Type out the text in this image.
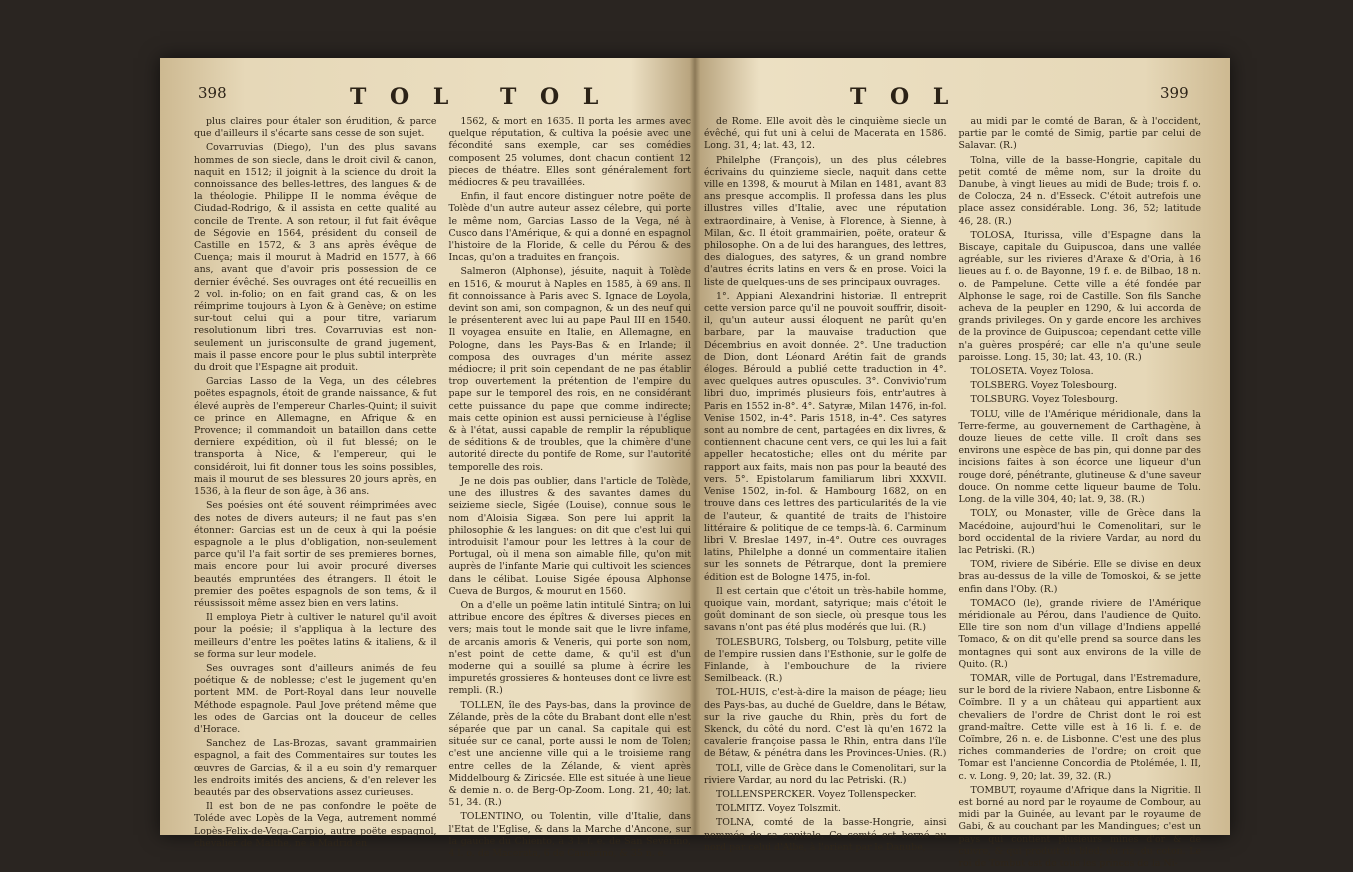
398	T O L T O L

plus claires pour étaler son érudition, & parce que d'ailleurs il s'écarte sans cesse de son sujet.

Covarruvias (Diego), l'un des plus savans hommes de son siecle, dans le droit civil & canon, naquit en 1512; il joignit à la science du droit la connoissance des belles-lettres, des langues & de la théologie. Philippe II le nomma évêque de Ciudad-Rodrigo, & il assista en cette qualité au concile de Trente. A son retour, il fut fait évêque de Ségovie en 1564, président du conseil de Castille en 1572, & 3 ans après évêque de Cuença; mais il mourut à Madrid en 1577, à 66 ans, avant que d'avoir pris possession de ce dernier évêché. Ses ouvrages ont été recueillis en 2 vol. in-folio; on en fait grand cas, & on les réimprime toujours à Lyon & à Genève; on estime sur-tout celui qui a pour titre, variarum resolutionum libri tres. Covarruvias est non-seulement un jurisconsulte de grand jugement, mais il passe encore pour le plus subtil interprète du droit que l'Espagne ait produit.

Garcias Lasso de la Vega, un des célebres poëtes espagnols, étoit de grande naissance, & fut élevé auprès de l'empereur Charles-Quint; il suivit ce prince en Allemagne, en Afrique & en Provence; il commandoit un bataillon dans cette derniere expédition, où il fut blessé; on le transporta à Nice, & l'empereur, qui le considéroit, lui fit donner tous les soins possibles, mais il mourut de ses blessures 20 jours après, en 1536, à la fleur de son âge, à 36 ans.

Ses poésies ont été souvent réimprimées avec des notes de divers auteurs; il ne faut pas s'en étonner: Garcias est un de ceux à qui la poésie espagnole a le plus d'obligation, non-seulement parce qu'il l'a fait sortir de ses premieres bornes, mais encore pour lui avoir procuré diverses beautés empruntées des étrangers. Il étoit le premier des poëtes espagnols de son tems, & il réussissoit même assez bien en vers latins.

Il employa Pietr à cultiver le naturel qu'il avoit pour la poésie; il s'appliqua à la lecture des meilleurs d'entre les poëtes latins & italiens, & il se forma sur leur modele.

Ses ouvrages sont d'ailleurs animés de feu poétique & de noblesse; c'est le jugement qu'en portent MM. de Port-Royal dans leur nouvelle Méthode espagnole. Paul Jove prétend même que les odes de Garcias ont la douceur de celles d'Horace.

Sanchez de Las-Brozas, savant grammairien espagnol, a fait des Commentaires sur toutes les œuvres de Garcias, & il a eu soin d'y remarquer les endroits imités des anciens, & d'en relever les beautés par des observations assez curieuses.

Il est bon de ne pas confondre le poëte de Toléde avec Lopès de la Vega, autrement nommé Lopès-Felix-de-Vega-Carpio, autre poëte espagnol, chevalier de Malthe, né à Madrid en

1562, & mort en 1635. Il porta les armes avec quelque réputation, & cultiva la poésie avec une fécondité sans exemple, car ses comédies composent 25 volumes, dont chacun contient 12 pieces de théatre. Elles sont généralement fort médiocres & peu travaillées.

Enfin, il faut encore distinguer notre poëte de Tolède d'un autre auteur assez célebre, qui porte le même nom, Garcias Lasso de la Vega, né à Cusco dans l'Amérique, & qui a donné en espagnol l'histoire de la Floride, & celle du Pérou & des Incas, qu'on a traduites en françois.

Salmeron (Alphonse), jésuite, naquit à Tolède en 1516, & mourut à Naples en 1585, à 69 ans. Il fit connoissance à Paris avec S. Ignace de Loyola, devint son ami, son compagnon, & un des neuf qui le présenterent avec lui au pape Paul III en 1540. Il voyagea ensuite en Italie, en Allemagne, en Pologne, dans les Pays-Bas & en Irlande; il composa des ouvrages d'un mérite assez médiocre; il prit soin cependant de ne pas établir trop ouvertement la prétention de l'empire du pape sur le temporel des rois, en ne considérant cette puissance du pape que comme indirecte; mais cette opinion est aussi pernicieuse à l'église & à l'état, aussi capable de remplir la république de séditions & de troubles, que la chimère d'une autorité directe du pontife de Rome, sur l'autorité temporelle des rois.

Je ne dois pas oublier, dans l'article de Tolède, une des illustres & des savantes dames du seizieme siecle, Sigée (Louise), connue sous le nom d'Aloisia Sigæa. Son pere lui apprit la philosophie & les langues: on dit que c'est lui qui introduisit l'amour pour les lettres à la cour de Portugal, où il mena son aimable fille, qu'on mit auprès de l'infante Marie qui cultivoit les sciences dans le célibat. Louise Sigée épousa Alphonse Cueva de Burgos, & mourut en 1560.

On a d'elle un poëme latin intitulé Sintra; on lui attribue encore des épîtres & diverses pieces en vers; mais tout le monde sait que le livre infame, de arcanis amoris & Veneris, qui porte son nom, n'est point de cette dame, & qu'il est d'un moderne qui a souillé sa plume à écrire les impuretés grossieres & honteuses dont ce livre est rempli. (R.)

TOLLEN, île des Pays-bas, dans la province de Zélande, près de la côte du Brabant dont elle n'est séparée que par un canal. Sa capitale qui est située sur ce canal, porte aussi le nom de Tolen; c'est une ancienne ville qui a le troisieme rang entre celles de la Zélande, & vient après Middelbourg & Ziricsée. Elle est située à une lieue & demie n. o. de Berg-Op-Zoom. Long. 21, 40; lat. 51, 34. (R.)

TOLENTINO, ou Tolentin, ville d'Italie, dans l'Etat de l'Eglise, & dans la Marche d'Ancone, sur la gauche du Chiento, à 3 l. f. e. de San Sevérino, 4 l. o. de Macerata, 6 de Camérino, & 35 n. e.

T O L	399

de Rome. Elle avoit dès le cinquième siecle un évêché, qui fut uni à celui de Macerata en 1586. Long. 31, 4; lat. 43, 12.

Philelphe (François), un des plus célebres écrivains du quinzieme siecle, naquit dans cette ville en 1398, & mourut à Milan en 1481, avant 83 ans presque accomplis. Il professa dans les plus illustres villes d'Italie, avec une réputation extraordinaire, à Venise, à Florence, à Sienne, à Milan, &c. Il étoit grammairien, poëte, orateur & philosophe. On a de lui des harangues, des lettres, des dialogues, des satyres, & un grand nombre d'autres écrits latins en vers & en prose. Voici la liste de quelques-uns de ses principaux ouvrages.

1°. Appiani Alexandrini historiæ. Il entreprit cette version parce qu'il ne pouvoit souffrir, disoit-il, qu'un auteur aussi éloquent ne parût qu'en barbare, par la mauvaise traduction que Décembrius en avoit donnée. 2°. Une traduction de Dion, dont Léonard Arétin fait de grands éloges. Bérould a publié cette traduction in 4°. avec quelques autres opuscules. 3°. Convivio'rum libri duo, imprimés plusieurs fois, entr'autres à Paris en 1552 in-8°. 4°. Satyræ, Milan 1476, in-fol. Venise 1502, in-4°. Paris 1518, in-4°. Ces satyres sont au nombre de cent, partagées en dix livres, & contiennent chacune cent vers, ce qui les lui a fait appeller hecatostiche; elles ont du mérite par rapport aux faits, mais non pas pour la beauté des vers. 5°. Epistolarum familiarum libri XXXVII. Venise 1502, in-fol. & Hambourg 1682, on en trouve dans ces lettres des particularités de la vie de l'auteur, & quantité de traits de l'histoire littéraire & politique de ce temps-là. 6. Carminum libri V. Breslae 1497, in-4°. Outre ces ouvrages latins, Philelphe a donné un commentaire italien sur les sonnets de Pétrarque, dont la premiere édition est de Bologne 1475, in-fol.

Il est certain que c'étoit un très-habile homme, quoique vain, mordant, satyrique; mais c'étoit le goût dominant de son siecle, où presque tous les savans n'ont pas été plus modérés que lui. (R.)

TOLESBURG, Tolsberg, ou Tolsburg, petite ville de l'empire russien dans l'Esthonie, sur le golfe de Finlande, à l'embouchure de la riviere Semilbeack. (R.)

TOL-HUIS, c'est-à-dire la maison de péage; lieu des Pays-bas, au duché de Gueldre, dans le Bétaw, sur la rive gauche du Rhin, près du fort de Skenck, du côté du nord. C'est là qu'en 1672 la cavalerie françoise passa le Rhin, entra dans l'île de Bétaw, & pénétra dans les Provinces-Unies. (R.)

TOLI, ville de Grèce dans le Comenolitari, sur la riviere Vardar, au nord du lac Petriski. (R.)

TOLLENSPERCKER. Voyez Tollenspecker.

TOLMITZ. Voyez Tolszmit.

TOLNA, comté de la basse-Hongrie, ainsi nommée de sa capitale. Ce comté est borné au nord par celui d'Albe, à l'orient par le Danube,

au midi par le comté de Baran, & à l'occident, partie par le comté de Simig, partie par celui de Salavar. (R.)

Tolna, ville de la basse-Hongrie, capitale du petit comté de même nom, sur la droite du Danube, à vingt lieues au midi de Bude; trois f. o. de Colocza, 24 n. d'Esseck. C'étoit autrefois une place assez considérable. Long. 36, 52; latitude 46, 28. (R.)

TOLOSA, Iturissa, ville d'Espagne dans la Biscaye, capitale du Guipuscoa, dans une vallée agréable, sur les rivieres d'Araxe & d'Oria, à 16 lieues au f. o. de Bayonne, 19 f. e. de Bilbao, 18 n. o. de Pampelune. Cette ville a été fondée par Alphonse le sage, roi de Castille. Son fils Sanche acheva de la peupler en 1290, & lui accorda de grands privileges. On y garde encore les archives de la province de Guipuscoa; cependant cette ville n'a guères prospéré; car elle n'a qu'une seule paroisse. Long. 15, 30; lat. 43, 10. (R.)

TOLOSETA. Voyez Tolosa.

TOLSBERG. Voyez Tolesbourg.

TOLSBURG. Voyez Tolesbourg.

TOLU, ville de l'Amérique méridionale, dans la Terre-ferme, au gouvernement de Carthagène, à douze lieues de cette ville. Il croît dans ses environs une espèce de bas pin, qui donne par des incisions faites à son écorce une liqueur d'un rouge doré, pénétrante, glutineuse & d'une saveur douce. On nomme cette liqueur baume de Tolu. Long. de la ville 304, 40; lat. 9, 38. (R.)

TOLY, ou Monaster, ville de Grèce dans la Macédoine, aujourd'hui le Comenolitari, sur le bord occidental de la riviere Vardar, au nord du lac Petriski. (R.)

TOM, riviere de Sibérie. Elle se divise en deux bras au-dessus de la ville de Tomoskoi, & se jette enfin dans l'Oby. (R.)

TOMACO (le), grande riviere de l'Amérique méridionale au Pérou, dans l'audience de Quito. Elle tire son nom d'un village d'Indiens appellé Tomaco, & on dit qu'elle prend sa source dans les montagnes qui sont aux environs de la ville de Quito. (R.)

TOMAR, ville de Portugal, dans l'Estremadure, sur le bord de la riviere Nabaon, entre Lisbonne & Coïmbre. Il y a un château qui appartient aux chevaliers de l'ordre de Christ dont le roi est grand-maître. Cette ville est à 16 li. f. e. de Coïmbre, 26 n. e. de Lisbonne. C'est une des plus riches commanderies de l'ordre; on croit que Tomar est l'ancienne Concordia de Ptolémée, l. II, c. v. Long. 9, 20; lat. 39, 32. (R.)

TOMBUT, royaume d'Afrique dans la Nigritie. Il est borné au nord par le royaume de Combour, au midi par la Guinée, au levant par le royaume de Gabi, & au couchant par les Mandingues; c'est un pays qui contient plusieurs mines d'or & de cuivre, & qui produit du bled, du riz, du coton. Le roi de Tombut est de tous les princes de la Ni-
